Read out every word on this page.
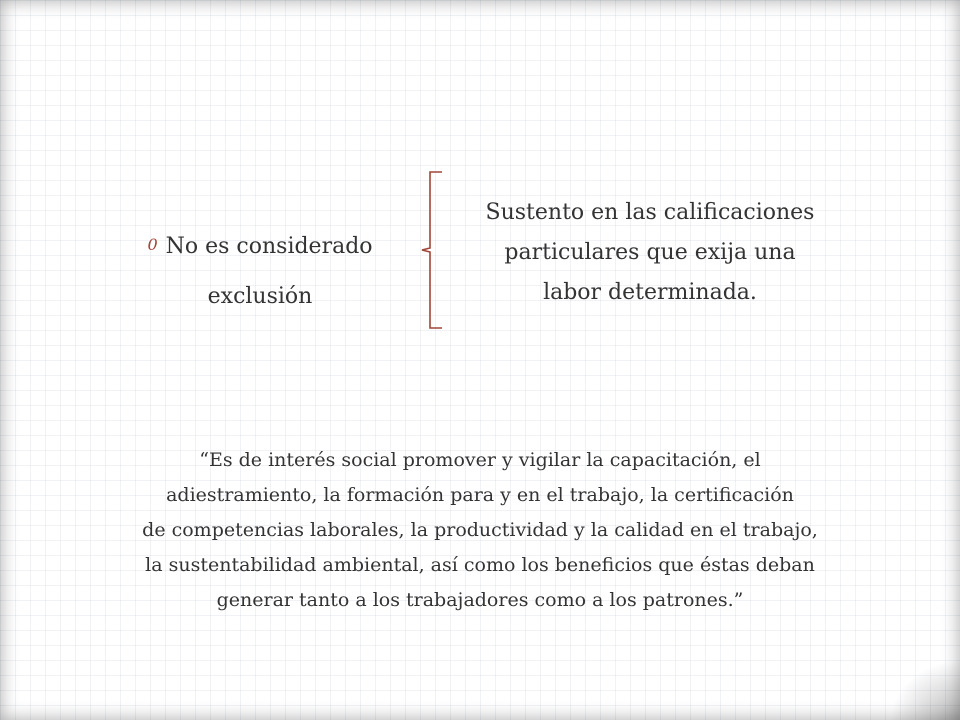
0 No es considerado
exclusión
Sustento en las calificaciones
particulares que exija una
labor determinada.
“Es de interés social promover y vigilar la capacitación, el
adiestramiento, la formación para y en el trabajo, la certificación
de competencias laborales, la productividad y la calidad en el trabajo,
la sustentabilidad ambiental, así como los beneficios que éstas deban
generar tanto a los trabajadores como a los patrones.”
